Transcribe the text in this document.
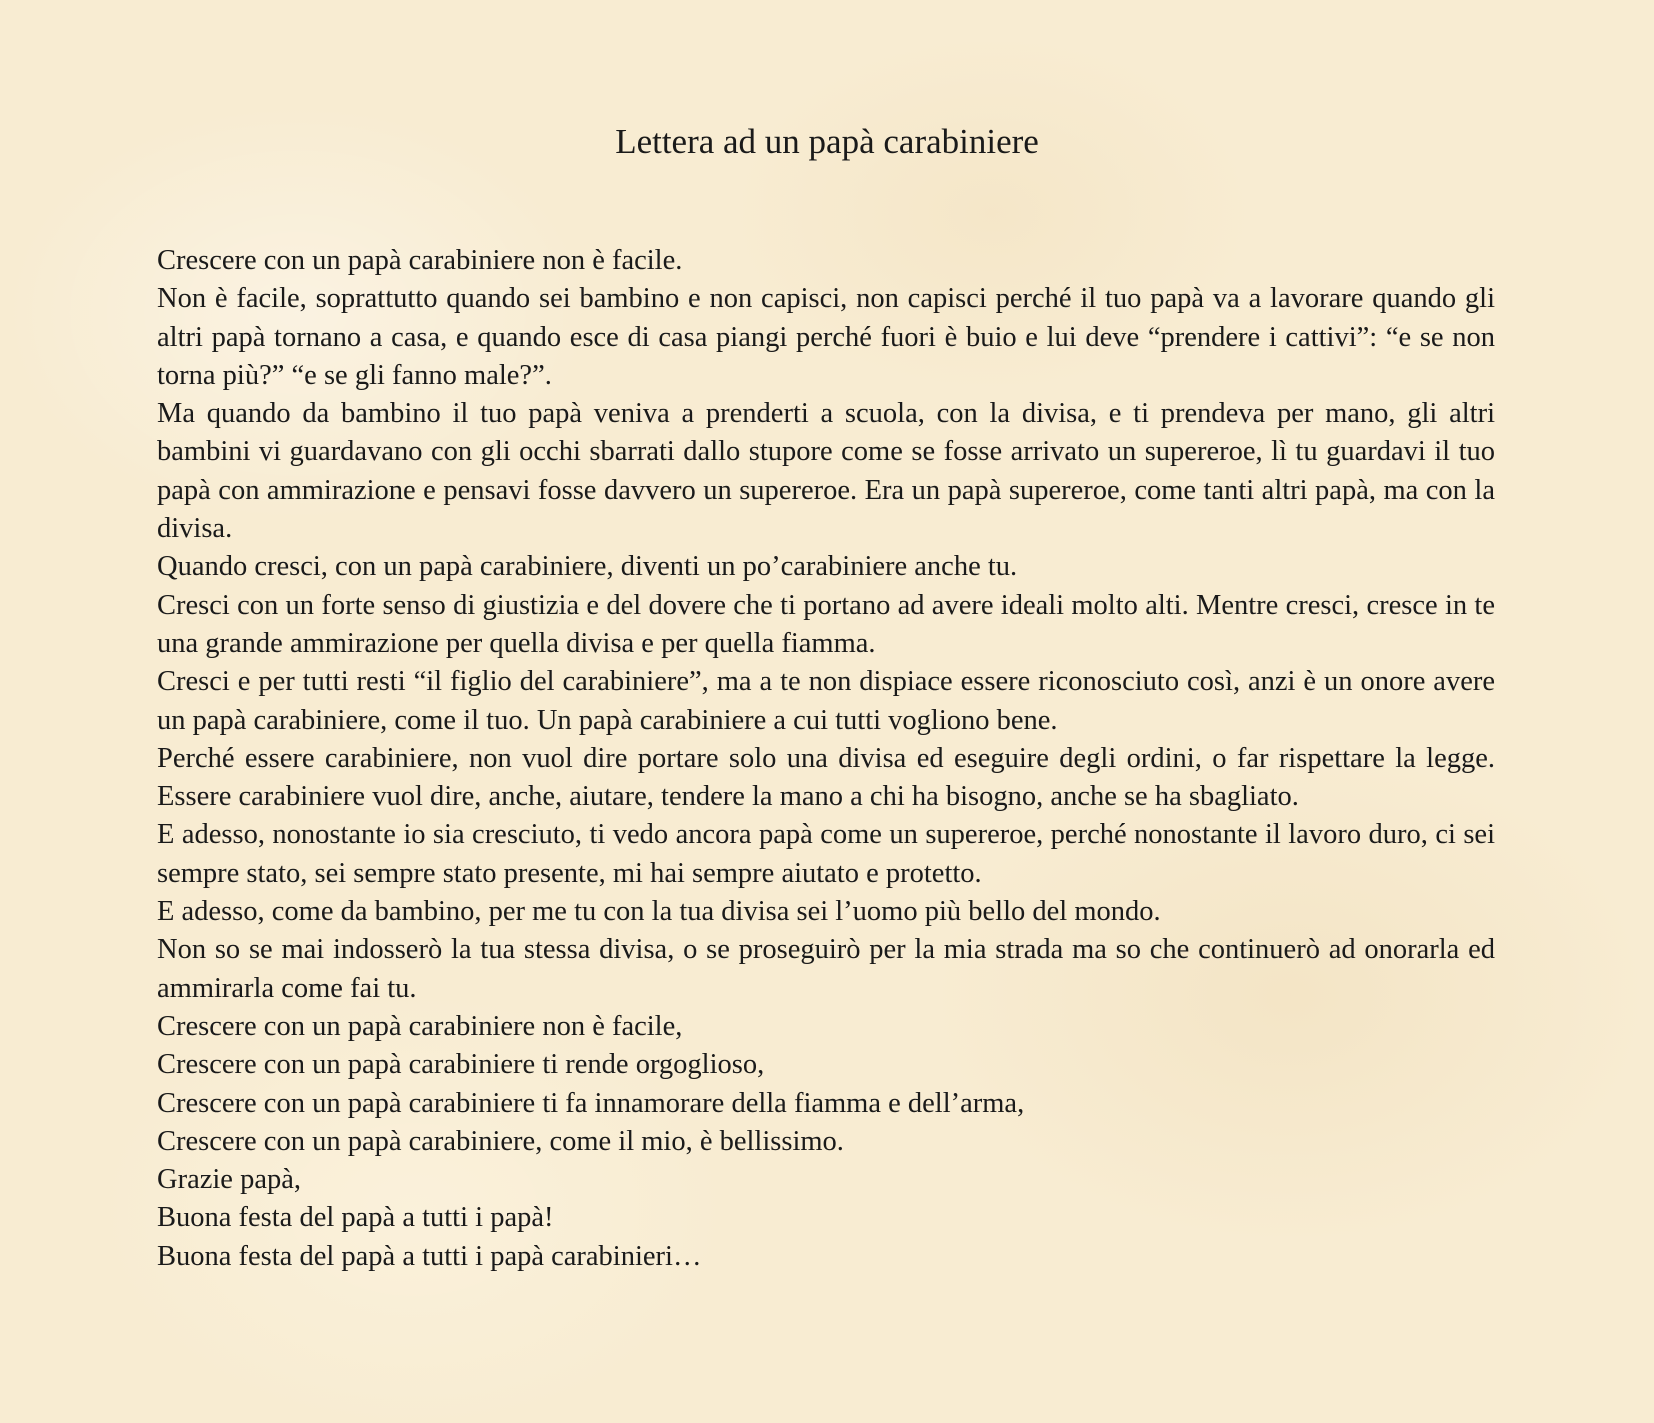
Lettera ad un papà carabiniere

Crescere con un papà carabiniere non è facile.

Non è facile, soprattutto quando sei bambino e non capisci, non capisci perché il tuo papà va a lavorare quando gli altri papà tornano a casa, e quando esce di casa piangi perché fuori è buio e lui deve “prendere i cattivi”: “e se non torna più?” “e se gli fanno male?”.

Ma quando da bambino il tuo papà veniva a prenderti a scuola, con la divisa, e ti prendeva per mano, gli altri bambini vi guardavano con gli occhi sbarrati dallo stupore come se fosse arrivato un supereroe, lì tu guardavi il tuo papà con ammirazione e pensavi fosse davvero un supereroe. Era un papà supereroe, come tanti altri papà, ma con la divisa.

Quando cresci, con un papà carabiniere, diventi un po’carabiniere anche tu.

Cresci con un forte senso di giustizia e del dovere che ti portano ad avere ideali molto alti. Mentre cresci, cresce in te una grande ammirazione per quella divisa e per quella fiamma.

Cresci e per tutti resti “il figlio del carabiniere”, ma a te non dispiace essere riconosciuto così, anzi è un onore avere un papà carabiniere, come il tuo. Un papà carabiniere a cui tutti vogliono bene.

Perché essere carabiniere, non vuol dire portare solo una divisa ed eseguire degli ordini, o far rispettare la legge. Essere carabiniere vuol dire, anche, aiutare, tendere la mano a chi ha bisogno, anche se ha sbagliato.

E adesso, nonostante io sia cresciuto, ti vedo ancora papà come un supereroe, perché nonostante il lavoro duro, ci sei sempre stato, sei sempre stato presente, mi hai sempre aiutato e protetto.

E adesso, come da bambino, per me tu con la tua divisa sei l’uomo più bello del mondo.

Non so se mai indosserò la tua stessa divisa, o se proseguirò per la mia strada ma so che continuerò ad onorarla ed ammirarla come fai tu.

Crescere con un papà carabiniere non è facile,

Crescere con un papà carabiniere ti rende orgoglioso,

Crescere con un papà carabiniere ti fa innamorare della fiamma e dell’arma,

Crescere con un papà carabiniere, come il mio, è bellissimo.

Grazie papà,

Buona festa del papà a tutti i papà!

Buona festa del papà a tutti i papà carabinieri…
